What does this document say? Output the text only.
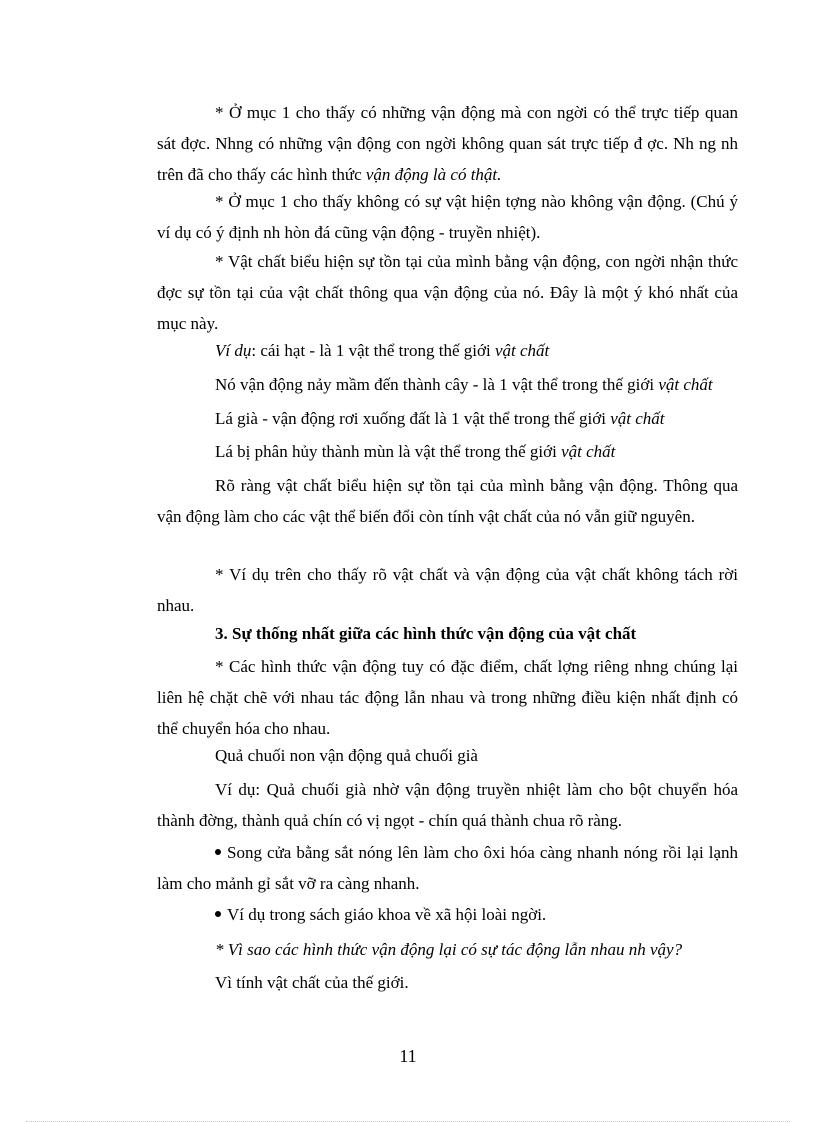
* Ở mục 1 cho thấy có những vận động mà con ngời có thể trực tiếp quan sát đợc. Nhng có những vận động con ngời không quan sát trực tiếp đ ợc. Nh ng nh trên đã cho thấy các hình thức vận động là có thật.
* Ở mục 1 cho thấy không có sự vật hiện tợng nào không vận động. (Chú ý ví dụ có ý định nh hòn đá cũng vận động - truyền nhiệt).
* Vật chất biểu hiện sự tồn tại của mình bằng vận động, con ngời nhận thức đợc sự tồn tại của vật chất thông qua vận động của nó. Đây là một ý khó nhất của mục này.
Ví dụ: cái hạt - là 1 vật thể trong thế giới vật chất
Nó vận động nảy mầm đến thành cây - là 1 vật thể trong thế giới vật chất
Lá già - vận động rơi xuống đất là 1 vật thể trong thế giới vật chất
Lá bị phân hủy thành mùn là vật thể trong thế giới vật chất
Rõ ràng vật chất biểu hiện sự tồn tại của mình bằng vận động. Thông qua vận động làm cho các vật thể biến đổi còn tính vật chất của nó vẫn giữ nguyên.
* Ví dụ trên cho thấy rõ vật chất và vận động của vật chất không tách rời nhau.
3. Sự thống nhất giữa các hình thức vận động của vật chất
* Các hình thức vận động tuy có đặc điểm, chất lợng riêng nhng chúng lại liên hệ chặt chẽ với nhau tác động lẫn nhau và trong những điều kiện nhất định có thể chuyển hóa cho nhau.
Quả chuối non vận động quả chuối già
Ví dụ: Quả chuối già nhờ vận động truyền nhiệt làm cho bột chuyển hóa thành đờng, thành quả chín có vị ngọt - chín quá thành chua rõ ràng.
Song cửa bằng sắt nóng lên làm cho ôxi hóa càng nhanh nóng rồi lại lạnh làm cho mảnh gỉ sắt vỡ ra càng nhanh.
Ví dụ trong sách giáo khoa về xã hội loài ngời.
* Vì sao các hình thức vận động lại có sự tác động lẫn nhau nh vậy?
Vì tính vật chất của thế giới.
11
